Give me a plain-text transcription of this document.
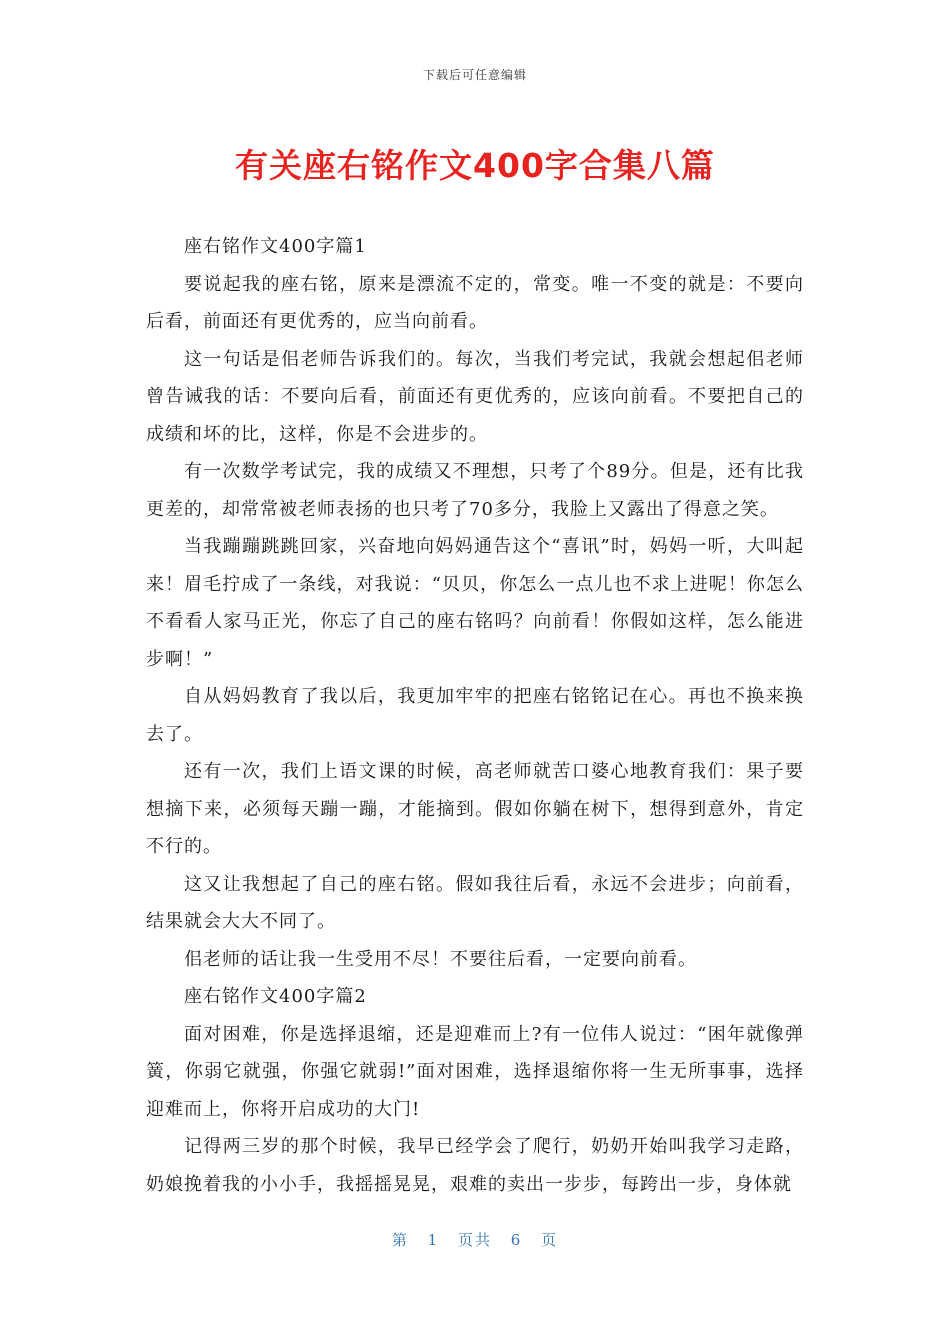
下载后可任意编辑
有关座右铭作文400字合集八篇

座右铭作文400字篇1

要说起我的座右铭，原来是漂流不定的，常变。唯一不变的就是：不要向后看，前面还有更优秀的，应当向前看。

这一句话是佀老师告诉我们的。每次，当我们考完试，我就会想起佀老师曾告诫我的话：不要向后看，前面还有更优秀的，应该向前看。不要把自己的成绩和坏的比，这样，你是不会进步的。

有一次数学考试完，我的成绩又不理想，只考了个89分。但是，还有比我更差的，却常常被老师表扬的也只考了70多分，我脸上又露出了得意之笑。

当我蹦蹦跳跳回家，兴奋地向妈妈通告这个“喜讯”时，妈妈一听，大叫起来！眉毛拧成了一条线，对我说：“贝贝，你怎么一点儿也不求上进呢！你怎么不看看人家马正光，你忘了自己的座右铭吗？向前看！你假如这样，怎么能进步啊！”

自从妈妈教育了我以后，我更加牢牢的把座右铭铭记在心。再也不换来换去了。

还有一次，我们上语文课的时候，高老师就苦口婆心地教育我们：果子要想摘下来，必须每天蹦一蹦，才能摘到。假如你躺在树下，想得到意外，肯定不行的。

这又让我想起了自己的座右铭。假如我往后看，永远不会进步；向前看，结果就会大大不同了。

佀老师的话让我一生受用不尽！不要往后看，一定要向前看。

座右铭作文400字篇2

面对困难，你是选择退缩，还是迎难而上?有一位伟人说过：“困年就像弹簧，你弱它就强，你强它就弱!”面对困难，选择退缩你将一生无所事事，选择迎难而上，你将开启成功的大门!

记得两三岁的那个时候，我早已经学会了爬行，奶奶开始叫我学习走路，奶娘挽着我的小小手，我摇摇晃晃，艰难的卖出一步步，每跨出一步，身体就

第 1 页共 6 页
